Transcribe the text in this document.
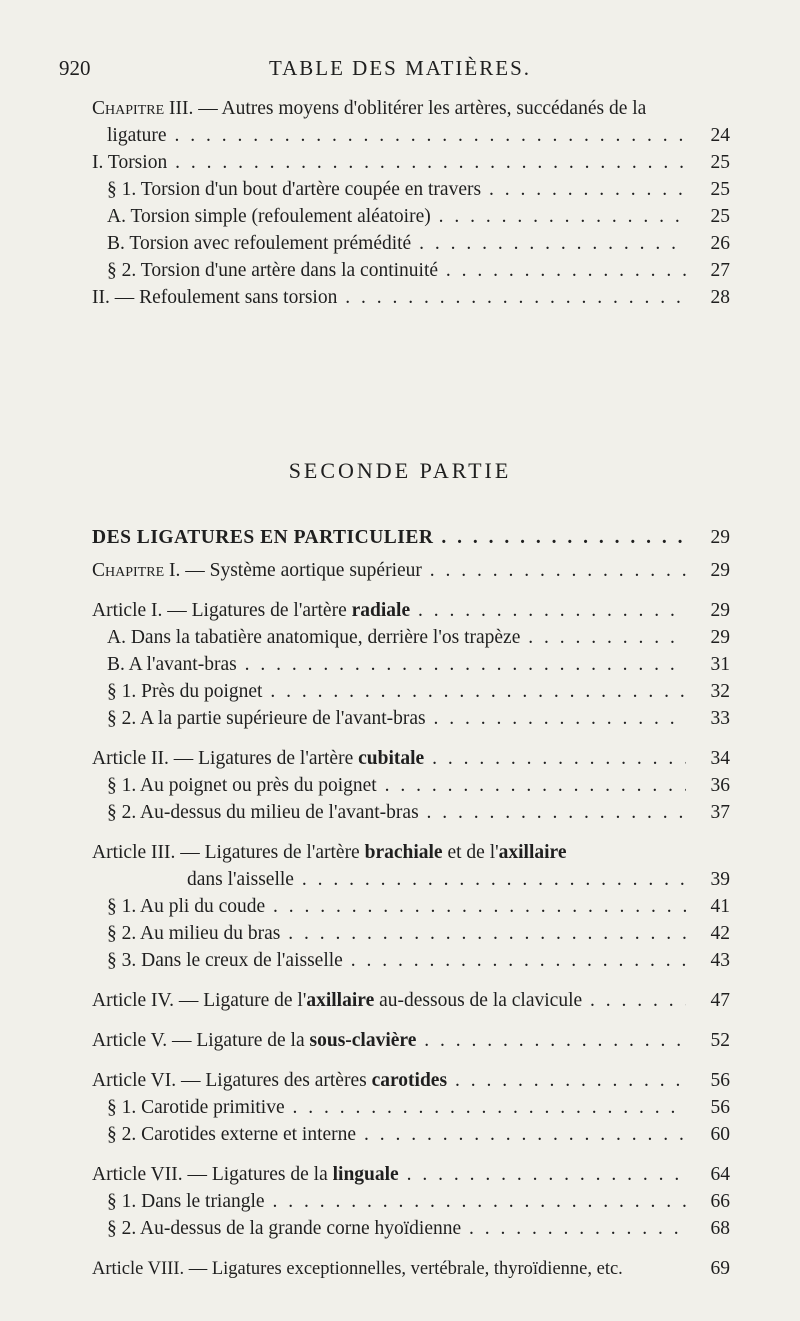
920	TABLE DES MATIÈRES.
SECONDE PARTIE
Chapitre III. — Autres moyens d'oblitérer les artères, succédanés de la
ligature . . .	24
I. Torsion . . .	25
§ 1. Torsion d'un bout d'artère coupée en travers . . .	25
A. Torsion simple (refoulement aléatoire) . . .	25
B. Torsion avec refoulement prémédité . . .	26
§ 2. Torsion d'une artère dans la continuité . . .	27
II. — Refoulement sans torsion . . .	28
DES LIGATURES EN PARTICULIER . . .	29
Chapitre I. — Système aortique supérieur . . .	29
Article I. — Ligatures de l'artère radiale . . .	29
A. Dans la tabatière anatomique, derrière l'os trapèze . . .	29
B. A l'avant-bras . . .	31
§ 1. Près du poignet . . .	32
§ 2. A la partie supérieure de l'avant-bras . . .	33
Article II. — Ligatures de l'artère cubitale . . .	34
§ 1. Au poignet ou près du poignet . . .	36
§ 2. Au-dessus du milieu de l'avant-bras . . .	37
Article III. — Ligatures de l'artère brachiale et de l'axillaire
dans l'aisselle . . .	39
§ 1. Au pli du coude . . .	41
§ 2. Au milieu du bras . . .	42
§ 3. Dans le creux de l'aisselle . . .	43
Article IV. — Ligature de l'axillaire au-dessous de la clavicule . . .	47
Article V. — Ligature de la sous-clavière . . .	52
Article VI. — Ligatures des artères carotides . . .	56
§ 1. Carotide primitive . . .	56
§ 2. Carotides externe et interne . . .	60
Article VII. — Ligatures de la linguale . . .	64
§ 1. Dans le triangle . . .	66
§ 2. Au-dessus de la grande corne hyoïdienne . . .	68
Article VIII. — Ligatures exceptionnelles, vertébrale, thyroïdienne, etc.	69
